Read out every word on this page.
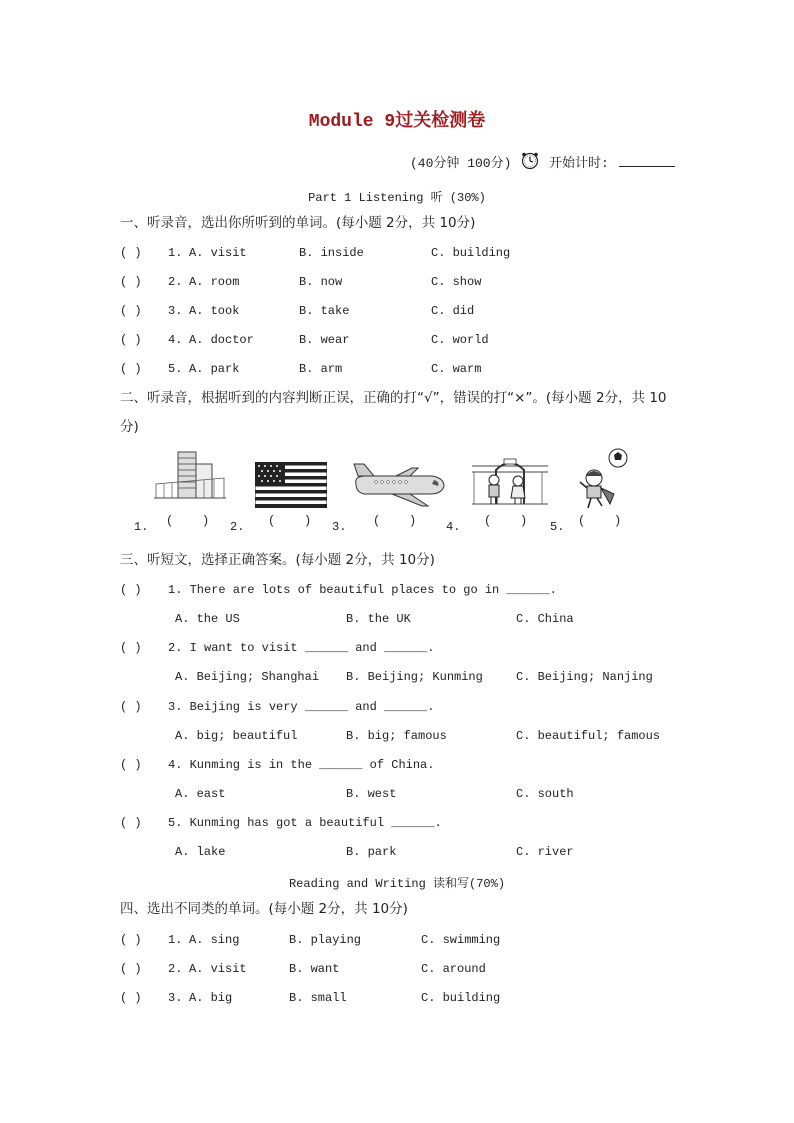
Module 9过关检测卷
(40分钟 100分)	开始计时:
Part 1 Listening 听 (30%)
一、听录音，选出你所听到的单词。(每小题 2分，共 10分)
( ) 1. A. visit	B. inside	C. building
( ) 2. A. room	B. now	C. show
( ) 3. A. took	B. take	C. did
( ) 4. A. doctor	B. wear	C. world
( ) 5. A. park	B. arm	C. warm
二、听录音，根据听到的内容判断正误，正确的打“√”，错误的打“×”。(每小题 2分，共 10分)
1. (    ) 2. (    ) 3. (    ) 4. (    ) 5. (    )
三、听短文，选择正确答案。(每小题 2分，共 10分)
( ) 1. There are lots of beautiful places to go in ______.
A. the US	B. the UK	C. China
( ) 2. I want to visit ______ and ______.
A. Beijing; Shanghai B. Beijing; Kunming	C. Beijing; Nanjing
( ) 3. Beijing is very ______ and ______.
A. big; beautiful	B. big; famous	C. beautiful; famous
( ) 4. Kunming is in the ______ of China.
A. east	B. west	C. south
( ) 5. Kunming has got a beautiful ______.
A. lake	B. park	C. river
Reading and Writing 读和写(70%)
四、选出不同类的单词。(每小题 2分，共 10分)
( ) 1. A. sing	B. playing	C. swimming
( ) 2. A. visit	B. want	C. around
( ) 3. A. big	B. small	C. building
